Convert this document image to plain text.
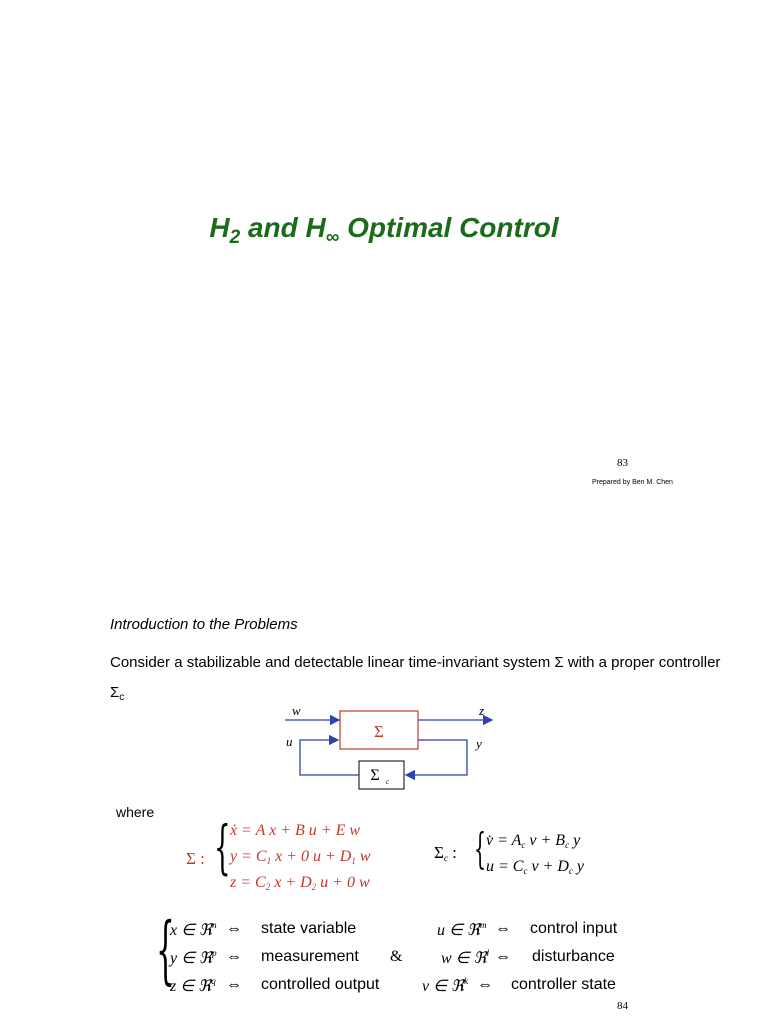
$H_2$ and $H_\infty$ Optimal Control
83
Prepared by Ben M. Chen
Introduction to the Problems
Consider a stabilizable and detectable linear time-invariant system Σ with a proper controller
$\Sigma_c$
Σ
Σ c
w	z
y
u
where
Σ : { ẋ = A x + B u + E w
$y = C_1$ x + 0 $u + D_1$ w
$z = C_2$ $x + D_2$ u + 0 w
$\Sigma_c$ : { v̇ = $A_c$ $v + B_c$ y
$u = C_c$ $v + D_c$ y
{
x ∈ ℜ$^n$ ⇔ state variable	u ∈ ℜ$^m$ ⇔ control input
y ∈ ℜ$^p$ ⇔ measurement & w ∈ ℜ$^l$ ⇔ disturbance
z ∈ ℜ$^q$ ⇔ controlled output	v ∈ ℜ$^k$ ⇔ controller state
84
